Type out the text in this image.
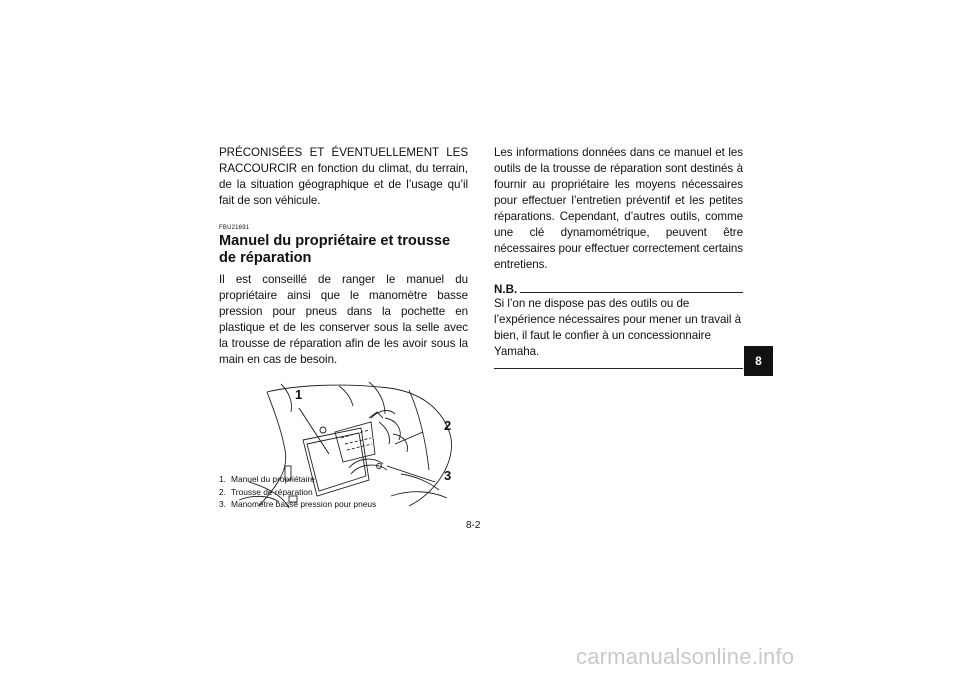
PRÉCONISÉES ET ÉVENTUELLEMENT LES RACCOURCIR en fonction du climat, du terrain, de la situation géographique et de l’usage qu’il fait de son véhicule.

FBU21691
Manuel du propriétaire et trousse de réparation

Il est conseillé de ranger le manuel du propriétaire ainsi que le manomètre basse pression pour pneus dans la pochette en plastique et de les conserver sous la selle avec la trousse de réparation afin de les avoir sous la main en cas de besoin.

1
2
3
1. Manuel du propriétaire
2. Trousse de réparation
3. Manomètre basse pression pour pneus

Les informations données dans ce manuel et les outils de la trousse de réparation sont destinés à fournir au propriétaire les moyens nécessaires pour effectuer l’entretien préventif et les petites réparations. Cependant, d’autres outils, comme une clé dynamométrique, peuvent être nécessaires pour effectuer correctement certains entretiens.

N.B.

Si l’on ne dispose pas des outils ou de l’expérience nécessaires pour mener un travail à bien, il faut le confier à un concessionnaire Yamaha.

8-2
8
carmanualsonline.info
